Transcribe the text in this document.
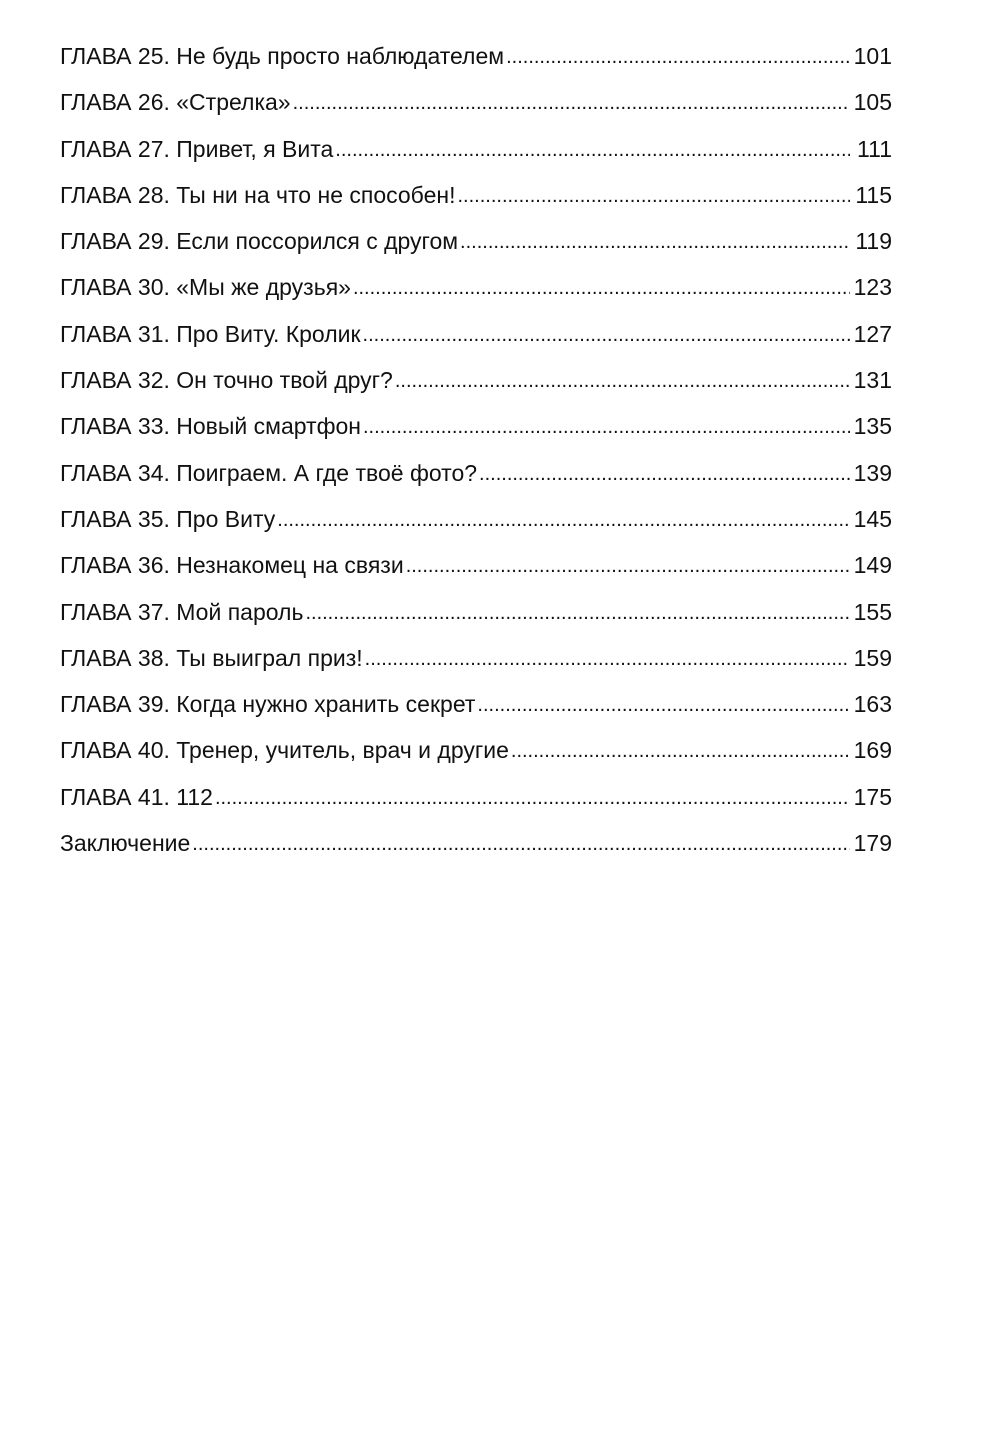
ГЛАВА 25. Не будь просто наблюдателем .....	101
ГЛАВА 26. «Стрелка» .....	105
ГЛАВА 27. Привет, я Вита .....	111
ГЛАВА 28. Ты ни на что не способен! .....	115
ГЛАВА 29. Если поссорился с другом .....	119
ГЛАВА 30. «Мы же друзья» .....	123
ГЛАВА 31. Про Виту. Кролик .....	127
ГЛАВА 32. Он точно твой друг? .....	131
ГЛАВА 33. Новый смартфон .....	135
ГЛАВА 34. Поиграем. А где твоё фото? .....	139
ГЛАВА 35. Про Виту .....	145
ГЛАВА 36. Незнакомец на связи .....	149
ГЛАВА 37. Мой пароль .....	155
ГЛАВА 38. Ты выиграл приз! .....	159
ГЛАВА 39. Когда нужно хранить секрет .....	163
ГЛАВА 40. Тренер, учитель, врач и другие .....	169
ГЛАВА 41. 112 .....	175
Заключение .....	179
